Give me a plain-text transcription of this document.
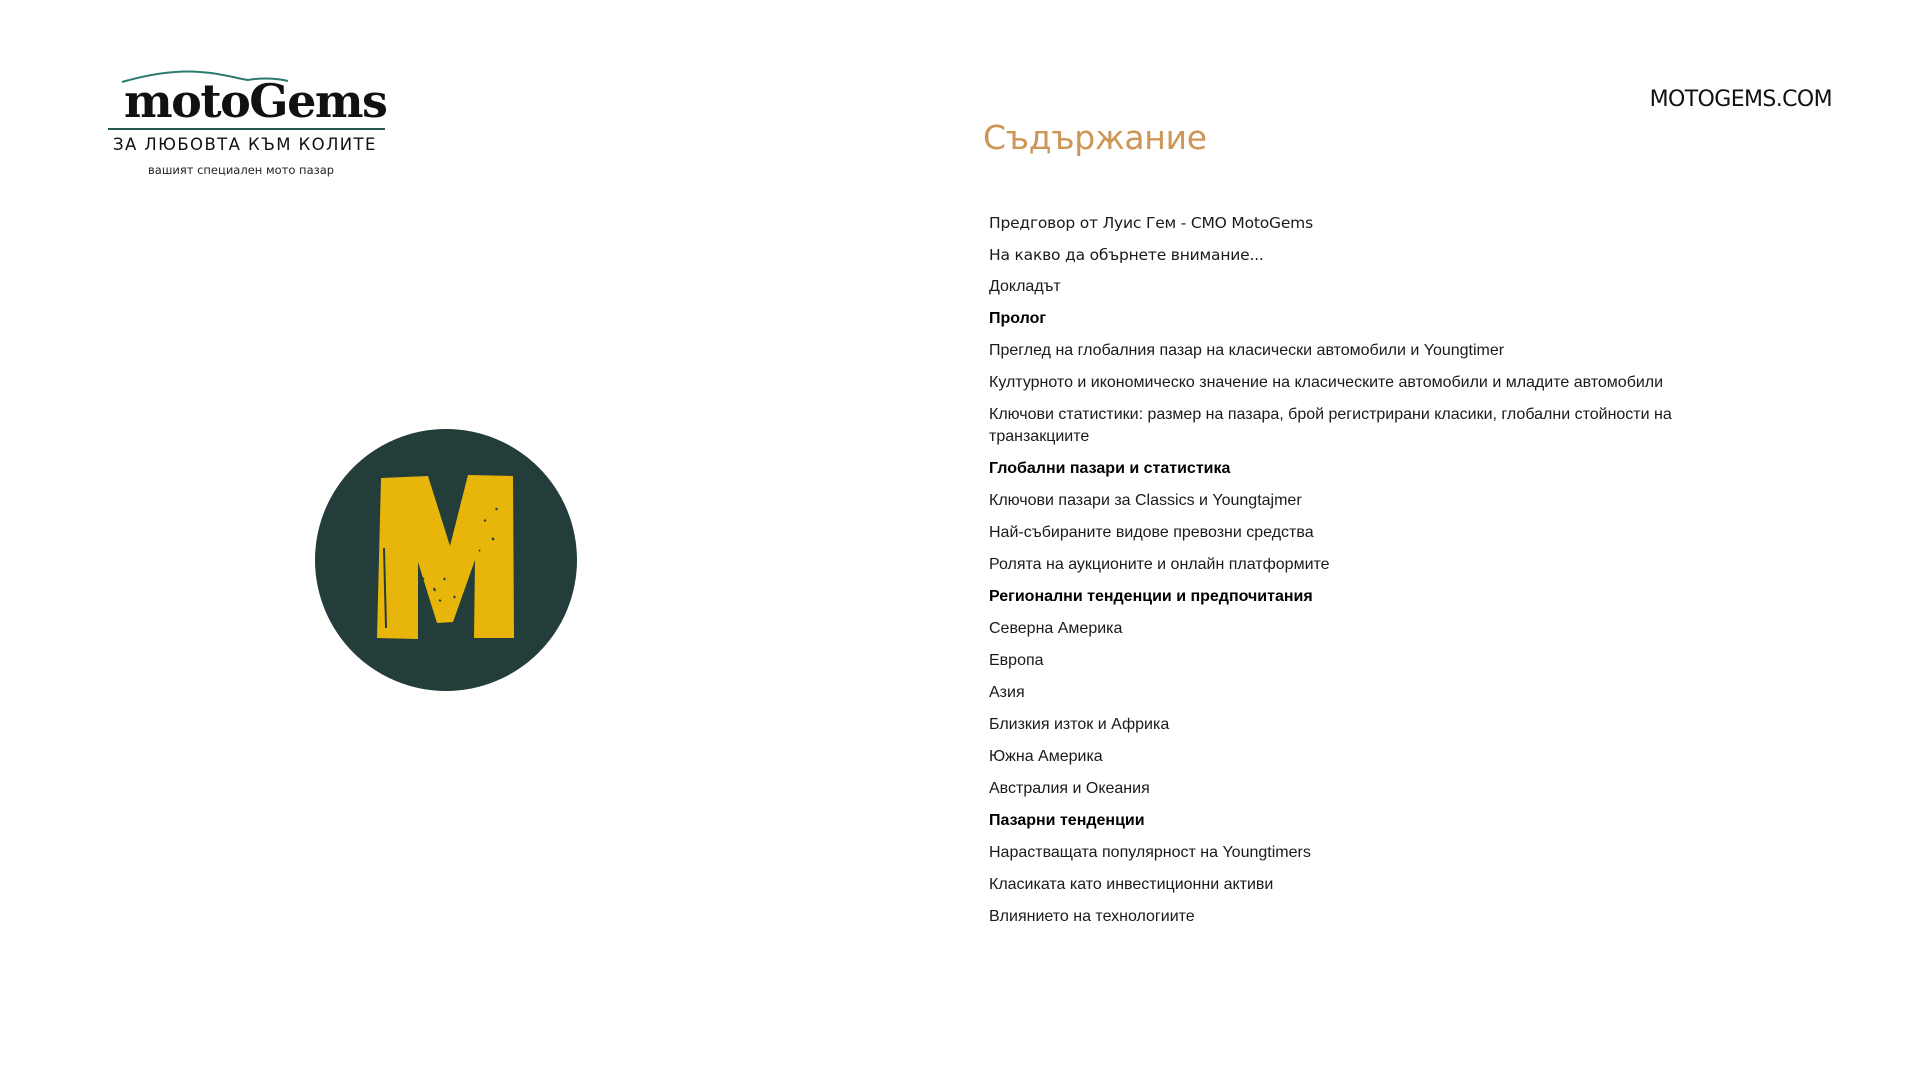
motoGems
ЗА ЛЮБОВТА КЪМ КОЛИТЕ
вашият специален мото пазар
MOTOGEMS.COM
Съдържание
Предговор от Луис Гем - CMO MotoGems
На какво да обърнете внимание...
Докладът
Пролог
Преглед на глобалния пазар на класически автомобили и Youngtimer
Културното и икономическо значение на класическите автомобили и младите автомобили
Ключови статистики: размер на пазара, брой регистрирани класики, глобални стойности на транзакциите
Глобални пазари и статистика
Ключови пазари за Classics и Youngtajmer
Най-събираните видове превозни средства
Ролята на аукционите и онлайн платформите
Регионални тенденции и предпочитания
Северна Америка
Европа
Азия
Близкия изток и Африка
Южна Америка
Австралия и Океания
Пазарни тенденции
Нарастващата популярност на Youngtimers
Класиката като инвестиционни активи
Влиянието на технологиите
